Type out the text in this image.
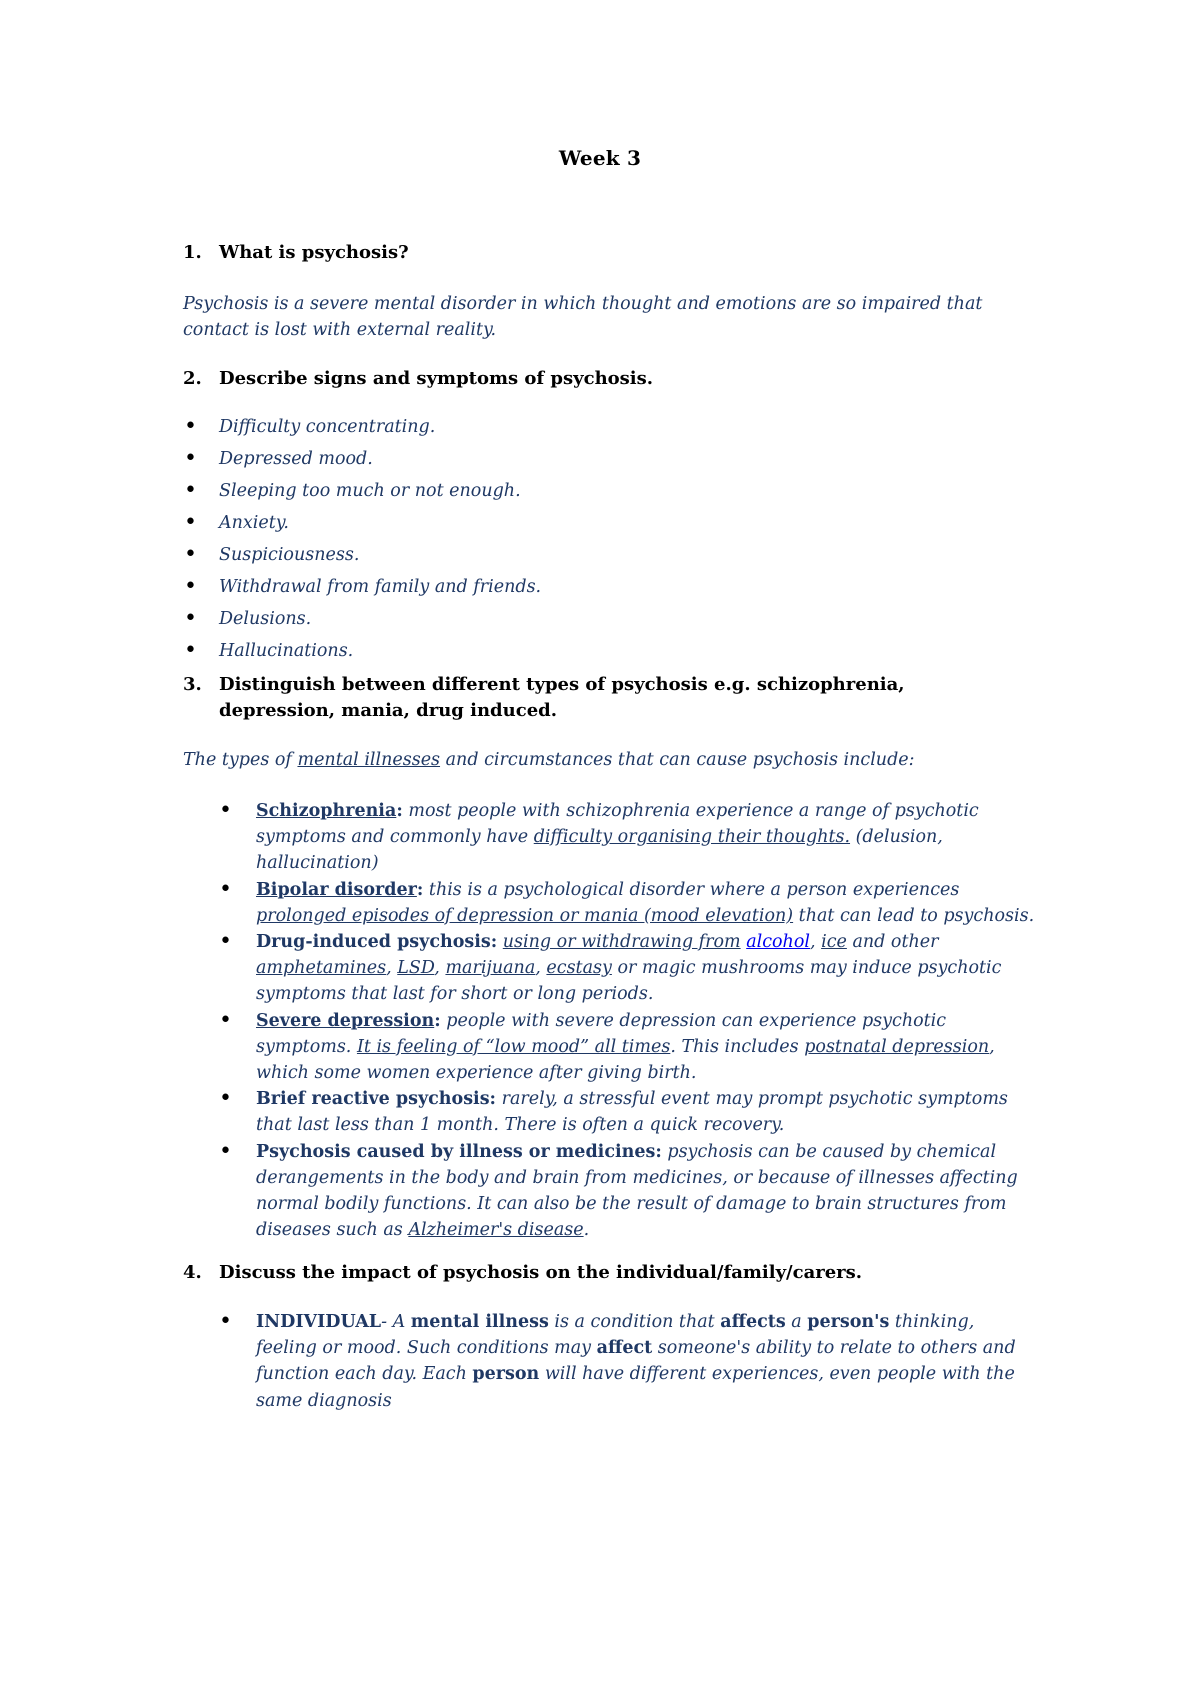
Week 3
1. What is psychosis?
Psychosis is a severe mental disorder in which thought and emotions are so impaired that contact is lost with external reality.
2. Describe signs and symptoms of psychosis.
• Difficulty concentrating.
• Depressed mood.
• Sleeping too much or not enough.
• Anxiety.
• Suspiciousness.
• Withdrawal from family and friends.
• Delusions.
• Hallucinations.
3. Distinguish between different types of psychosis e.g. schizophrenia, depression, mania, drug induced.
The types of mental illnesses and circumstances that can cause psychosis include:
• Schizophrenia: most people with schizophrenia experience a range of psychotic symptoms and commonly have difficulty organising their thoughts. (delusion, hallucination)
• Bipolar disorder: this is a psychological disorder where a person experiences prolonged episodes of depression or mania (mood elevation) that can lead to psychosis.
• Drug-induced psychosis: using or withdrawing from alcohol, ice and other amphetamines, LSD, marijuana, ecstasy or magic mushrooms may induce psychotic symptoms that last for short or long periods.
• Severe depression: people with severe depression can experience psychotic symptoms. It is feeling of “low mood” all times. This includes postnatal depression, which some women experience after giving birth.
• Brief reactive psychosis: rarely, a stressful event may prompt psychotic symptoms that last less than 1 month. There is often a quick recovery.
• Psychosis caused by illness or medicines: psychosis can be caused by chemical derangements in the body and brain from medicines, or because of illnesses affecting normal bodily functions. It can also be the result of damage to brain structures from diseases such as Alzheimer's disease.
4. Discuss the impact of psychosis on the individual/family/carers.
• INDIVIDUAL- A mental illness is a condition that affects a person's thinking, feeling or mood. Such conditions may affect someone's ability to relate to others and function each day. Each person will have different experiences, even people with the same diagnosis
